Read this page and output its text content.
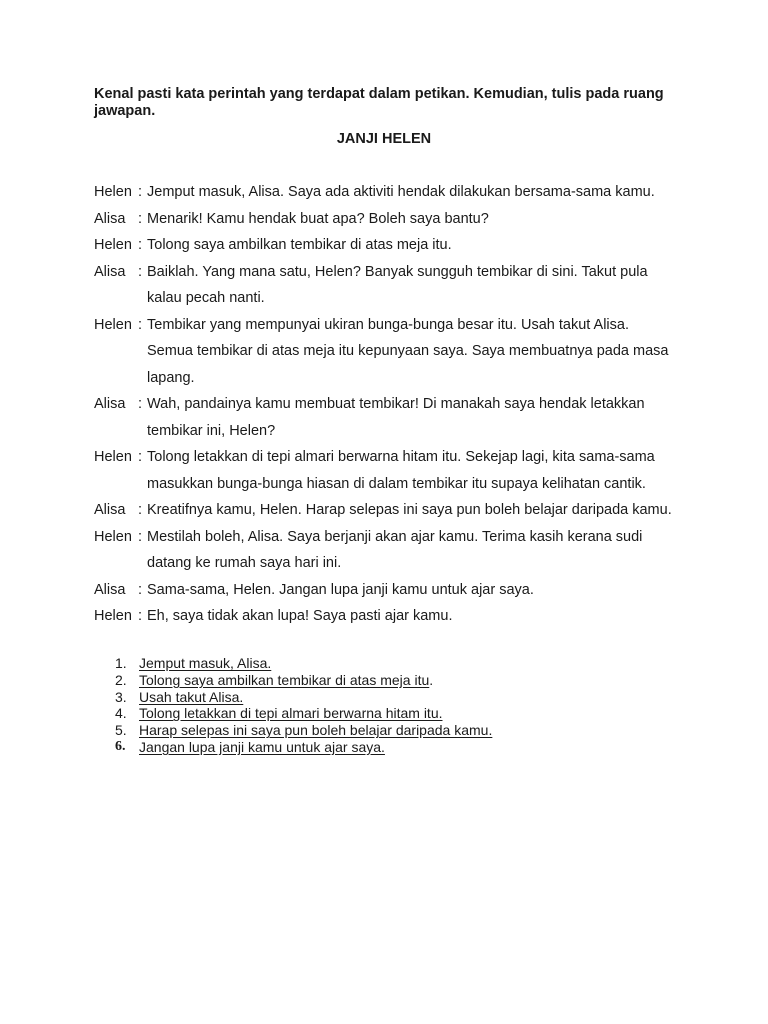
Kenal pasti kata perintah yang terdapat dalam petikan. Kemudian, tulis pada ruang jawapan.
JANJI HELEN
Helen : Jemput masuk, Alisa. Saya ada aktiviti hendak dilakukan bersama-sama kamu.
Alisa : Menarik! Kamu hendak buat apa? Boleh saya bantu?
Helen : Tolong saya ambilkan tembikar di atas meja itu.
Alisa : Baiklah. Yang mana satu, Helen? Banyak sungguh tembikar di sini. Takut pula
kalau pecah nanti.
Helen : Tembikar yang mempunyai ukiran bunga-bunga besar itu. Usah takut Alisa.
Semua tembikar di atas meja itu kepunyaan saya. Saya membuatnya pada masa
lapang.
Alisa : Wah, pandainya kamu membuat tembikar! Di manakah saya hendak letakkan
tembikar ini, Helen?
Helen : Tolong letakkan di tepi almari berwarna hitam itu. Sekejap lagi, kita sama-sama
masukkan bunga-bunga hiasan di dalam tembikar itu supaya kelihatan cantik.
Alisa : Kreatifnya kamu, Helen. Harap selepas ini saya pun boleh belajar daripada kamu.
Helen : Mestilah boleh, Alisa. Saya berjanji akan ajar kamu. Terima kasih kerana sudi
datang ke rumah saya hari ini.
Alisa : Sama-sama, Helen. Jangan lupa janji kamu untuk ajar saya.
Helen : Eh, saya tidak akan lupa! Saya pasti ajar kamu.
1. Jemput masuk, Alisa.
2. Tolong saya ambilkan tembikar di atas meja itu .
3. Usah takut Alisa.
4. Tolong letakkan di tepi almari berwarna hitam itu.
5. Harap selepas ini saya pun boleh belajar daripada kamu.
6. Jangan lupa janji kamu untuk ajar saya.
